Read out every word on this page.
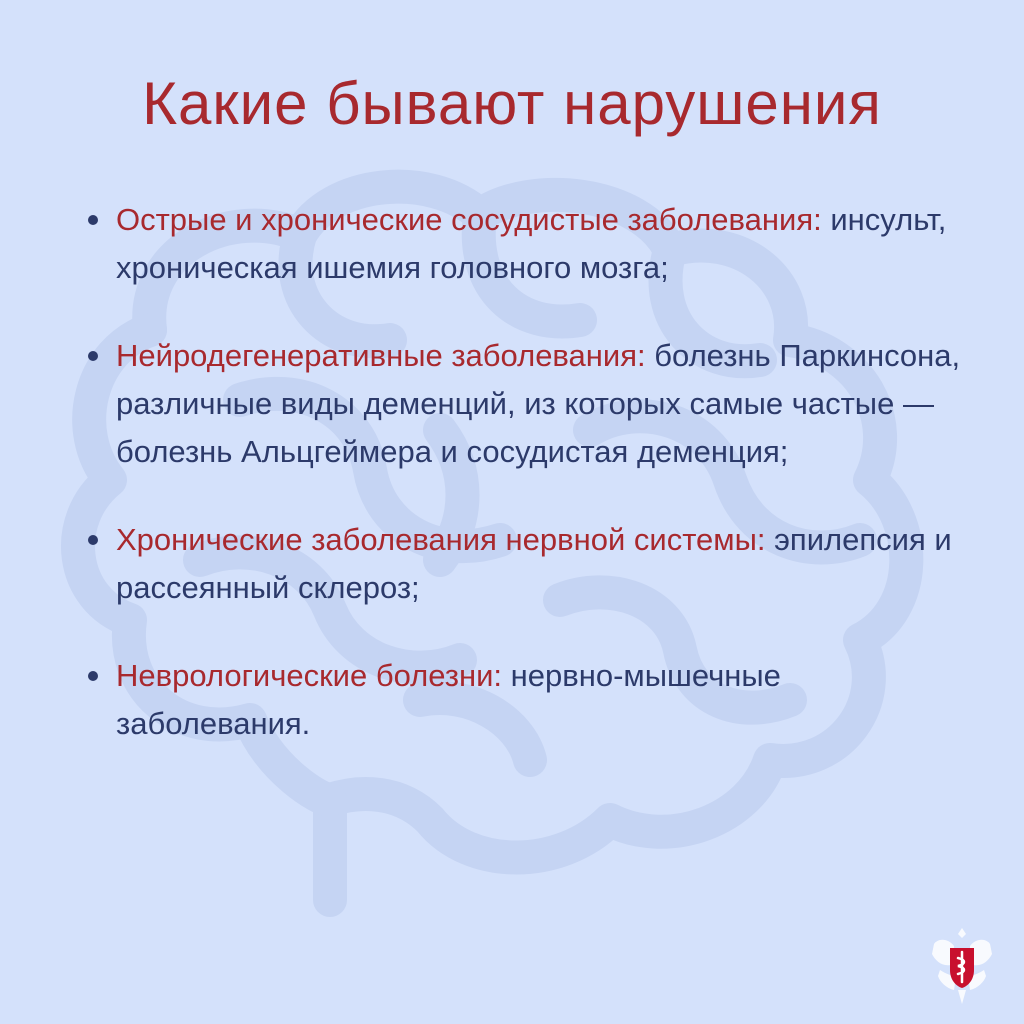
Какие бывают нарушения
Острые и хронические сосудистые заболевания: инсульт, хроническая ишемия головного мозга;
Нейродегенеративные заболевания: болезнь Паркинсона, различные виды деменций, из которых самые частые — болезнь Альцгеймера и сосудистая деменция;
Хронические заболевания нервной системы: эпилепсия и рассеянный склероз;
Неврологические болезни: нервно-мышечные заболевания.
